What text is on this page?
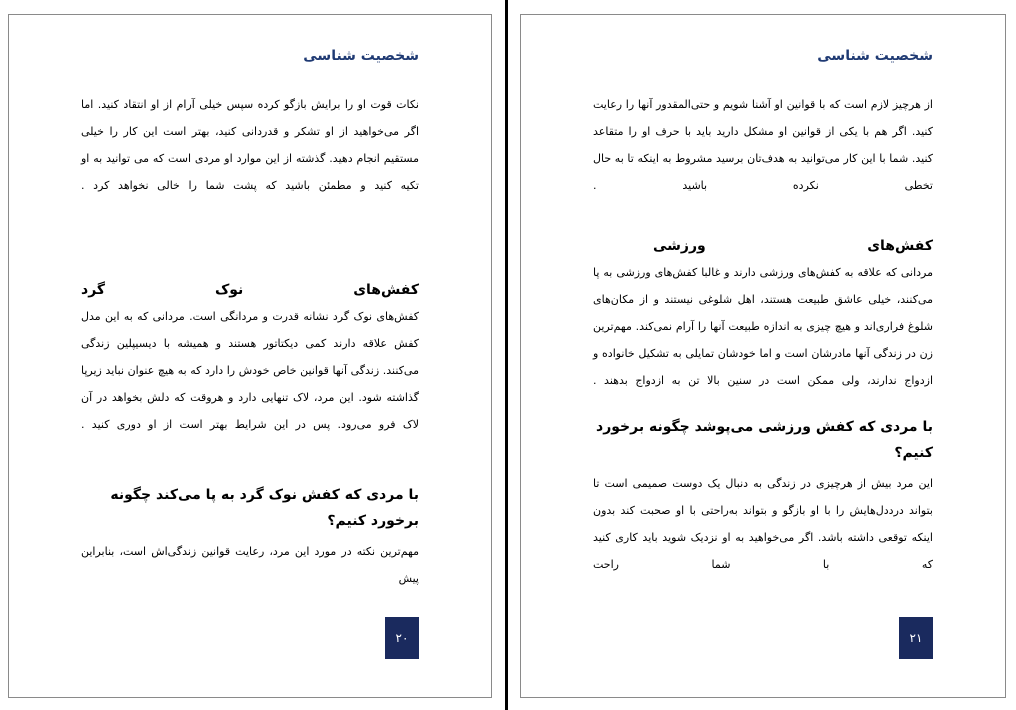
شخصیت شناسی

نکات قوت او را برایش بازگو کرده سپس خیلی آرام از او انتقاد کنید. اما اگر می‌خواهید از او تشکر و قدردانی کنید، بهتر است این کار را خیلی مستقیم انجام دهید. گذشته از این موارد او مردی است که می توانید به او تکیه کنید و مطمئن باشید که پشت شما را خالی نخواهد کرد .

کفش‌های
نوک
گرد

کفش‌های نوک گرد نشانه قدرت و مردانگی است. مردانی که به این مدل کفش علاقه دارند کمی دیکتاتور هستند و همیشه با دیسیپلین زندگی می‌کنند. زندگی آنها قوانین خاص خودش را دارد که به هیچ عنوان نباید زیرپا گذاشته شود. این مرد، لاک تنهایی دارد و هروقت که دلش بخواهد در آن لاک فرو می‌رود. پس در این شرایط بهتر است از او دوری کنید .

با مردی که کفش نوک گرد به پا می‌کند چگونه برخورد کنیم؟

مهم‌ترین نکته در مورد این مرد، رعایت قوانین زندگی‌اش است، بنابراین پیش

۲۰
شخصیت شناسی

از هرچیز لازم است که با قوانین او آشنا شویم و حتی‌المقدور آنها را رعایت کنید. اگر هم با یکی از قوانین او مشکل دارید باید با حرف او را متقاعد کنید. شما با این کار می‌توانید به هدف‌تان برسید مشروط به اینکه تا به حال تخطی نکرده باشید .

کفش‌های
ورزشی

مردانی که علاقه به کفش‌های ورزشی دارند و غالبا کفش‌های ورزشی به پا می‌کنند، خیلی عاشق طبیعت هستند، اهل شلوغی نیستند و از مکان‌های شلوغ فراری‌اند و هیچ چیزی به اندازه طبیعت آنها را آرام نمی‌کند. مهم‌ترین زن در زندگی آنها مادرشان است و اما خودشان تمایلی به تشکیل خانواده و ازدواج ندارند، ولی ممکن است در سنین بالا تن به ازدواج بدهند .

با مردی که کفش ورزشی می‌پوشد چگونه برخورد کنیم؟

این مرد بیش از هرچیزی در زندگی به دنبال یک دوست صمیمی است تا بتواند درددل‌هایش را با او بازگو و بتواند به‌راحتی با او صحبت کند بدون اینکه توقعی داشته باشد. اگر می‌خواهید به او نزدیک شوید باید کاری کنید که با شما راحت

۲۱
